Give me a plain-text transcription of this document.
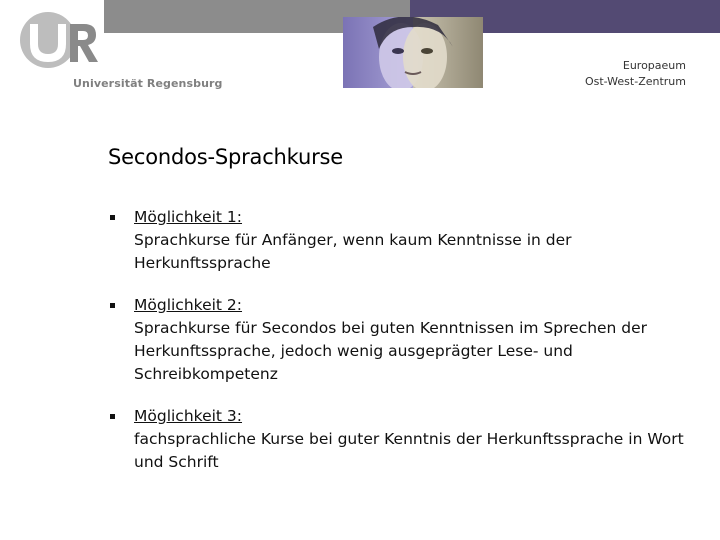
Universität Regensburg
Europaeum
Ost-West-Zentrum
Secondos-Sprachkurse
Möglichkeit 1:
Sprachkurse für Anfänger, wenn kaum Kenntnisse in der Herkunftssprache
Möglichkeit 2:
Sprachkurse für Secondos bei guten Kenntnissen im Sprechen der Herkunftssprache, jedoch wenig ausgeprägter Lese- und Schreibkompetenz
Möglichkeit 3:
fachsprachliche Kurse bei guter Kenntnis der Herkunftssprache in Wort und Schrift
